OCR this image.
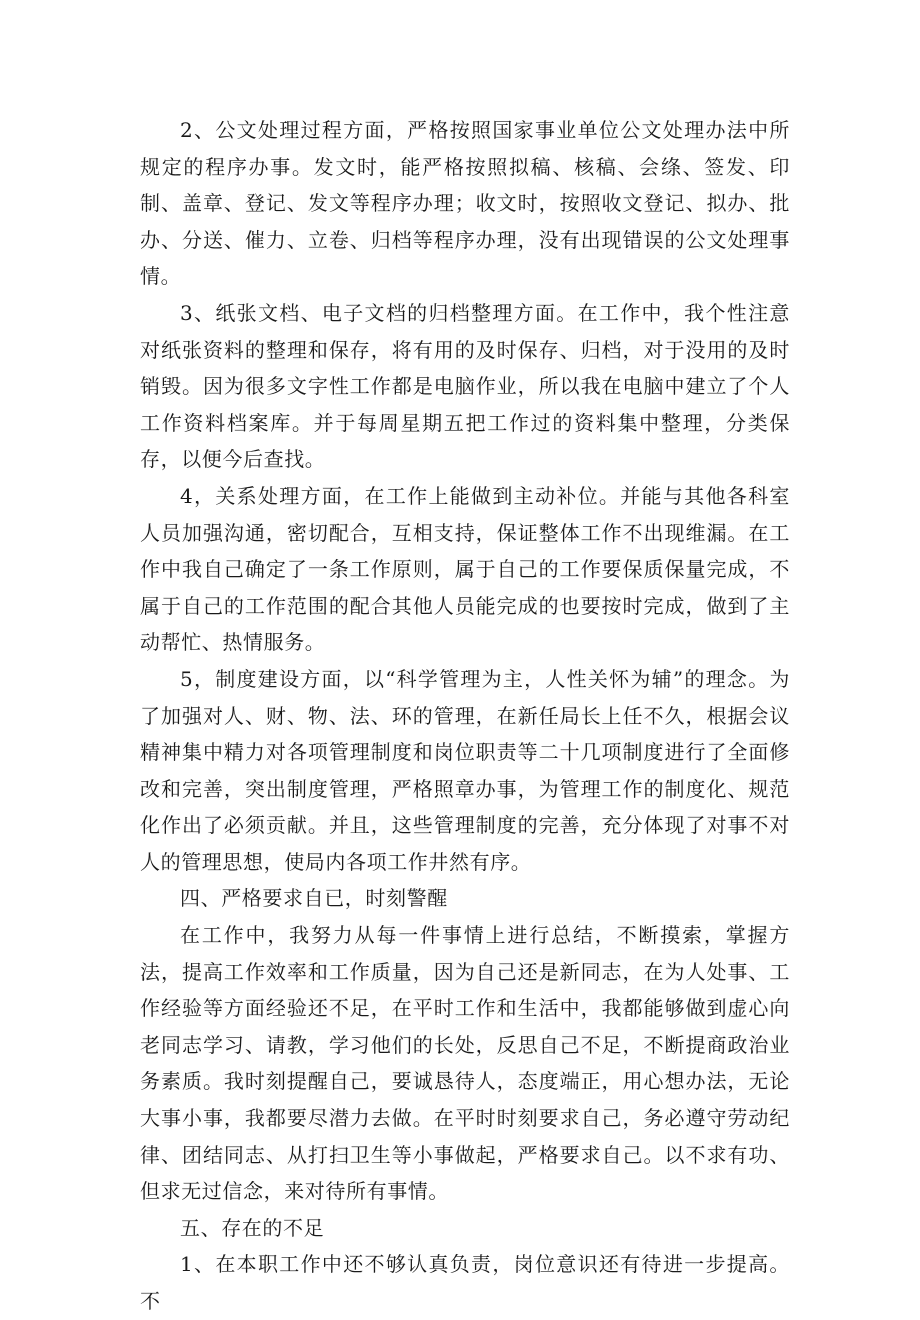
2、公文处理过程方面，严格按照国家事业单位公文处理办法中所规定的程序办事。发文时，能严格按照拟稿、核稿、会绦、签发、印制、盖章、登记、发文等程序办理；收文时，按照收文登记、拟办、批办、分送、催力、立卷、归档等程序办理，没有出现错误的公文处理事情。

3、纸张文档、电子文档的归档整理方面。在工作中，我个性注意对纸张资料的整理和保存，将有用的及时保存、归档，对于没用的及时销毁。因为很多文字性工作都是电脑作业，所以我在电脑中建立了个人工作资料档案库。并于每周星期五把工作过的资料集中整理，分类保存，以便今后查找。

4，关系处理方面，在工作上能做到主动补位。并能与其他各科室人员加强沟通，密切配合，互相支持，保证整体工作不出现维漏。在工作中我自己确定了一条工作原则，属于自己的工作要保质保量完成，不属于自己的工作范围的配合其他人员能完成的也要按时完成，做到了主动帮忙、热情服务。

5，制度建设方面，以“科学管理为主，人性关怀为辅”的理念。为了加强对人、财、物、法、环的管理，在新任局长上任不久，根据会议精神集中精力对各项管理制度和岗位职责等二十几项制度进行了全面修改和完善，突出制度管理，严格照章办事，为管理工作的制度化、规范化作出了必须贡献。并且，这些管理制度的完善，充分体现了对事不对人的管理思想，使局内各项工作井然有序。

四、严格要求自已，时刻警醒

在工作中，我努力从每一件事情上进行总结，不断摸索，掌握方法，提高工作效率和工作质量，因为自己还是新同志，在为人处事、工作经验等方面经验还不足，在平时工作和生活中，我都能够做到虚心向老同志学习、请教，学习他们的长处，反思自己不足，不断提商政治业务素质。我时刻提醒自己，要诚恳待人，态度端正，用心想办法，无论大事小事，我都要尽潜力去做。在平时时刻要求自己，务必遵守劳动纪律、团结同志、从打扫卫生等小事做起，严格要求自己。以不求有功、但求无过信念，来对待所有事情。

五、存在的不足

1、在本职工作中还不够认真负责，岗位意识还有待进一步提高。不
